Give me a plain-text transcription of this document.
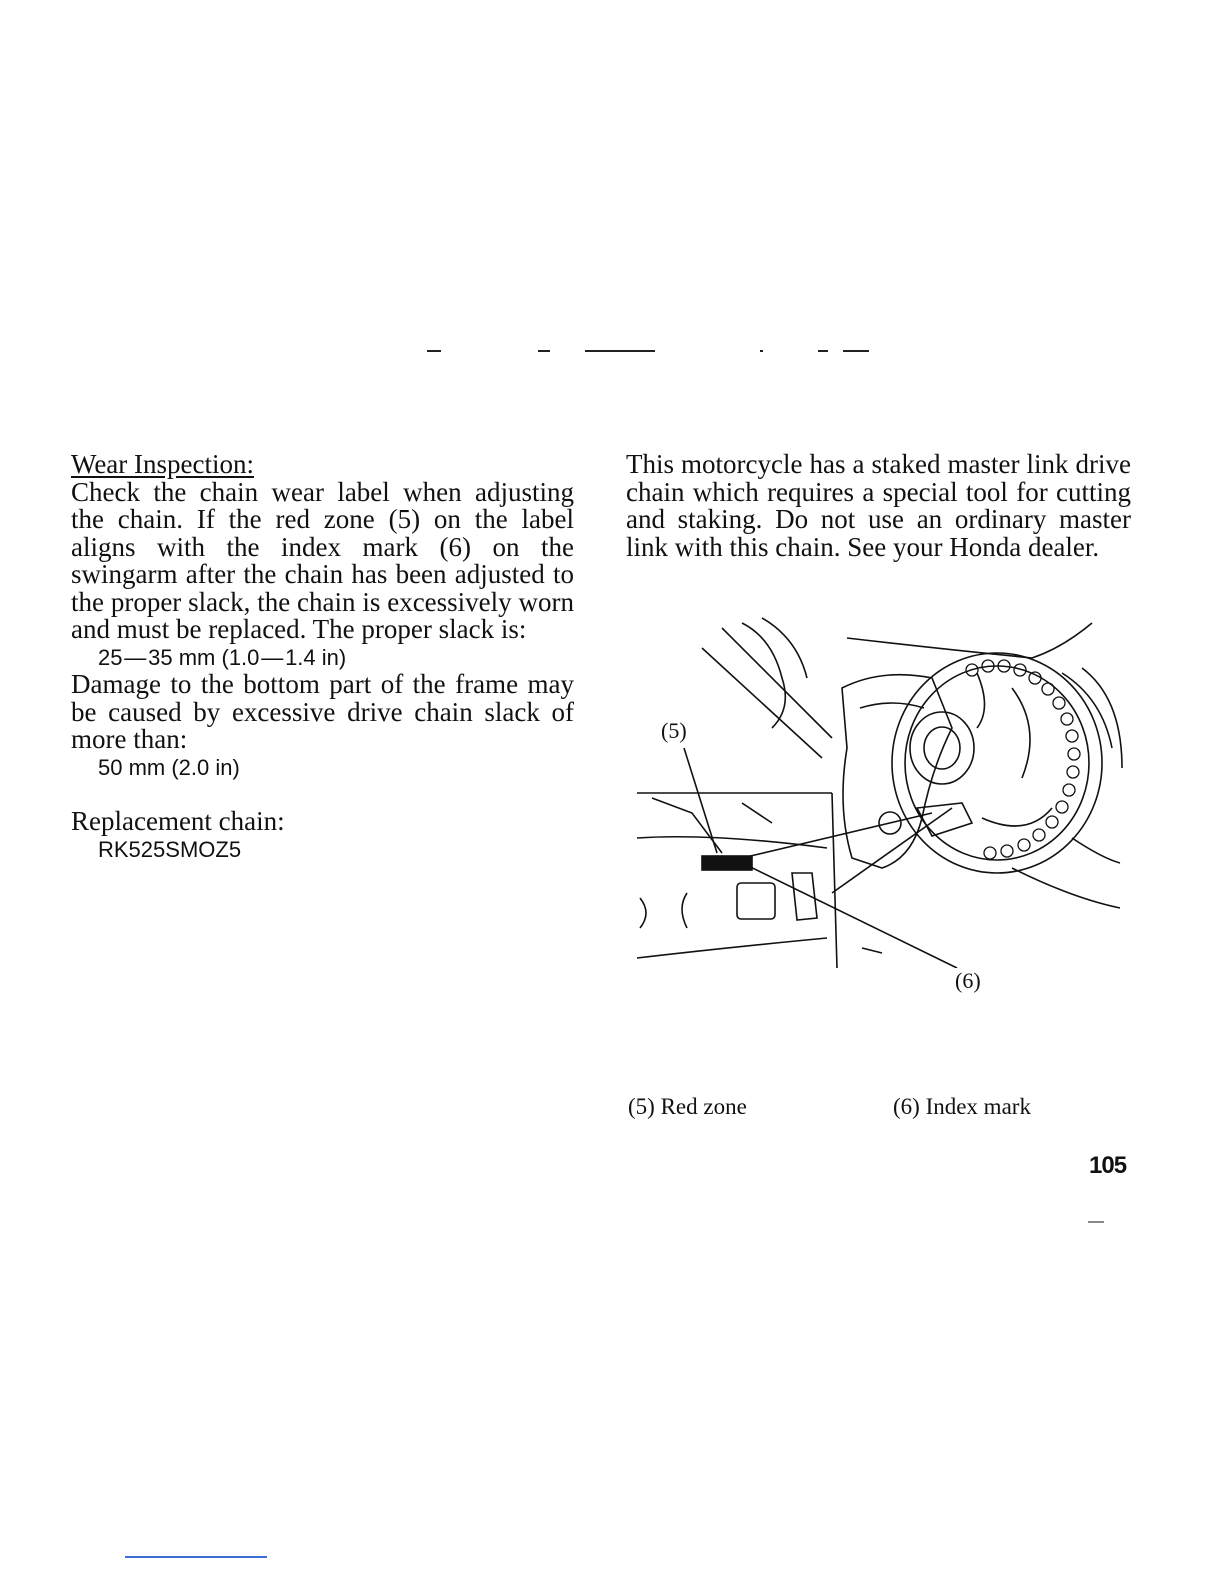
Wear Inspection:

Check the chain wear label when adjusting the chain. If the red zone (5) on the label aligns with the index mark (6) on the swingarm after the chain has been adjusted to the proper slack, the chain is excessively worn and must be replaced. The proper slack is:

25 — 35 mm (1.0 — 1.4 in)

Damage to the bottom part of the frame may be caused by excessive drive chain slack of more than:

50 mm (2.0 in)

Replacement chain:

RK525SMOZ5

This motorcycle has a staked master link drive chain which requires a special tool for cutting and staking. Do not use an ordinary master link with this chain. See your Honda dealer.

(5)
(6)
(5) Red zone	(6) Index mark
105
